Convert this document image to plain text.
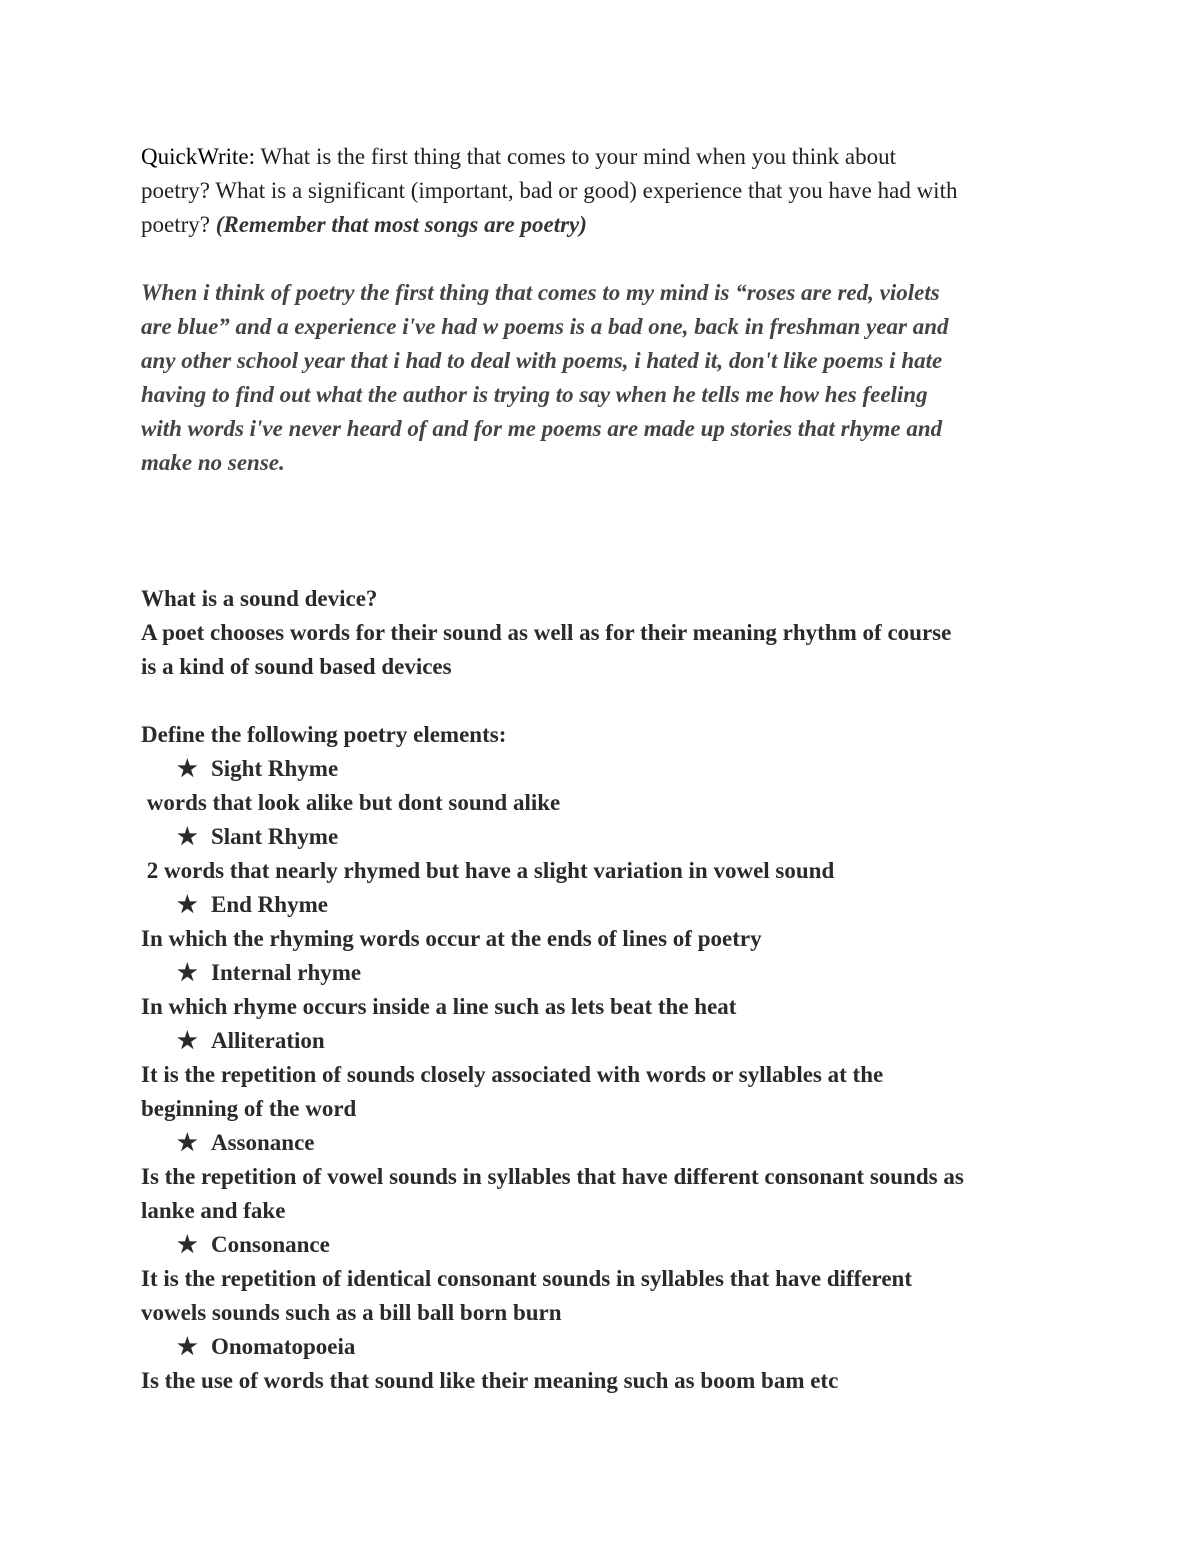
QuickWrite: What is the first thing that comes to your mind when you think about
poetry? What is a significant (important, bad or good) experience that you have had with
poetry? (Remember that most songs are poetry)
When i think of poetry the first thing that comes to my mind is “roses are red, violets
are blue” and a experience i've had w poems is a bad one, back in freshman year and
any other school year that i had to deal with poems, i hated it, don't like poems i hate
having to find out what the author is trying to say when he tells me how hes feeling
with words i've never heard of and for me poems are made up stories that rhyme and
make no sense.
What is a sound device?
A poet chooses words for their sound as well as for their meaning rhythm of course
is a kind of sound based devices
Define the following poetry elements:
★ Sight Rhyme
words that look alike but dont sound alike
★ Slant Rhyme
2 words that nearly rhymed but have a slight variation in vowel sound
★ End Rhyme
In which the rhyming words occur at the ends of lines of poetry
★ Internal rhyme
In which rhyme occurs inside a line such as lets beat the heat
★ Alliteration
It is the repetition of sounds closely associated with words or syllables at the
beginning of the word
★ Assonance
Is the repetition of vowel sounds in syllables that have different consonant sounds as
lanke and fake
★ Consonance
It is the repetition of identical consonant sounds in syllables that have different
vowels sounds such as a bill ball born burn
★ Onomatopoeia
Is the use of words that sound like their meaning such as boom bam etc
